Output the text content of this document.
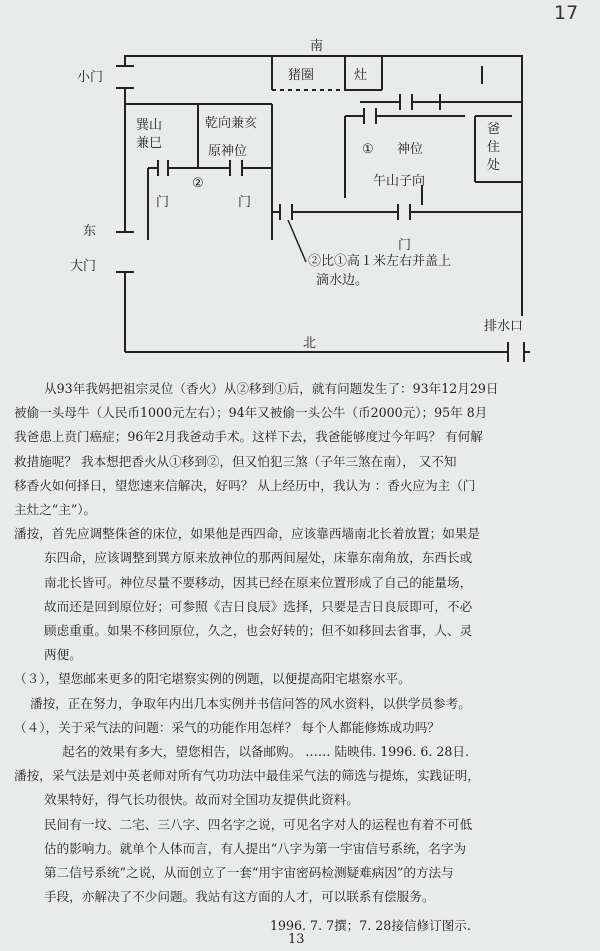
17
南
小门	猪圈	灶
巽山
兼巳
乾向兼亥
原神位
②
① 神位
午山子向
爸
住
处
门	门
东
门
大门	②比①高１米左右并盖上
滴水边。
排水口
北
从93年我妈把祖宗灵位（香火）从②移到①后，就有问题发生了：93年12月29日
被偷一头母牛（人民币1000元左右）；94年又被偷一头公牛（币2000元）；95年 8月
我爸患上贲门癌症；96年2月我爸动手术。这样下去，我爸能够度过今年吗？ 有何解
救措施呢？ 我本想把香火从①移到②，但又怕犯三煞（子年三煞在南）， 又不知
移香火如何择日，望您速来信解决，好吗？ 从上经历中，我认为 ：香火应为主（门
主灶之“主”）。
潘按，首先应调整侏爸的床位，如果他是西四命，应该靠西墙南北长着放置；如果是
东四命，应该调整到巽方原来放神位的那两间屋处，床靠东南角放，东西长或
南北长皆可。神位尽量不要移动，因其已经在原来位置形成了自己的能量场，
故而还是回到原位好；可参照《吉日良辰》选择，只要是吉日良辰即可，不必
顾虑重重。如果不移回原位，久之，也会好转的；但不如移回去省事，人、灵
两便。
（３），望您邮来更多的阳宅堪察实例的例题，以便提高阳宅堪察水平。
潘按，正在努力，争取年内出几本实例并书信问答的风水资料，以供学员参考。
（４），关于采气法的问题：采气的功能作用怎样？ 每个人都能修炼成功吗？
起名的效果有多大，望您相告，以备邮购。 …… 陆映伟. 1996. 6. 28日.
潘按，采气法是刘中英老师对所有气功功法中最佳采气法的筛选与提炼，实践证明，
效果特好，得气长功很快。故而对全国功友提供此资料。
民间有一坟、二宅、三八字、四名字之说，可见名字对人的运程也有着不可低
估的影响力。就单个人体而言，有人提出“八字为第一宇宙信号系统，名字为
第二信号系统”之说，从而创立了一套“用宇宙密码检测疑难病因”的方法与
手段，亦解决了不少问题。我站有这方面的人才，可以联系有偿服务。
1996. 7. 7撰；7. 28接信修订图示.
13
